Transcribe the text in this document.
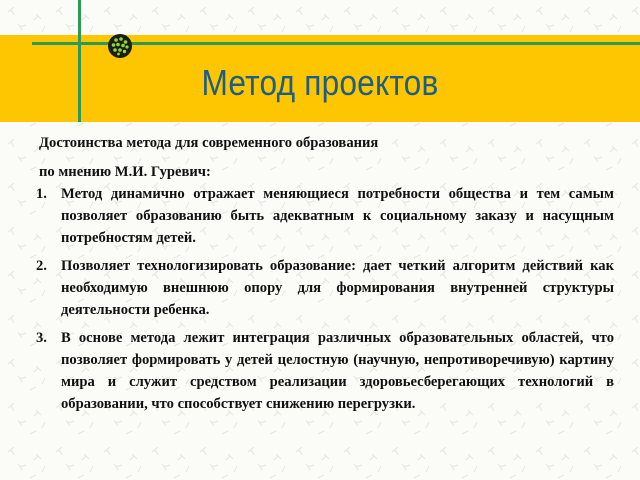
Метод проектов

Достоинства метода для современного образования

по мнению М.И. Гуревич:

1. Метод динамично отражает меняющиеся потребности общества и тем самым позволяет образованию быть адекватным к социальному заказу и насущным потребностям детей.
2. Позволяет технологизировать образование: дает четкий алгоритм действий как необходимую внешнюю опору для формирования внутренней структуры деятельности ребенка.
3. В основе метода лежит интеграция различных образовательных областей, что позволяет формировать у детей целостную (научную, непротиворечивую) картину мира и служит средством реализации здоровьесберегающих технологий в образовании, что способствует снижению перегрузки.
